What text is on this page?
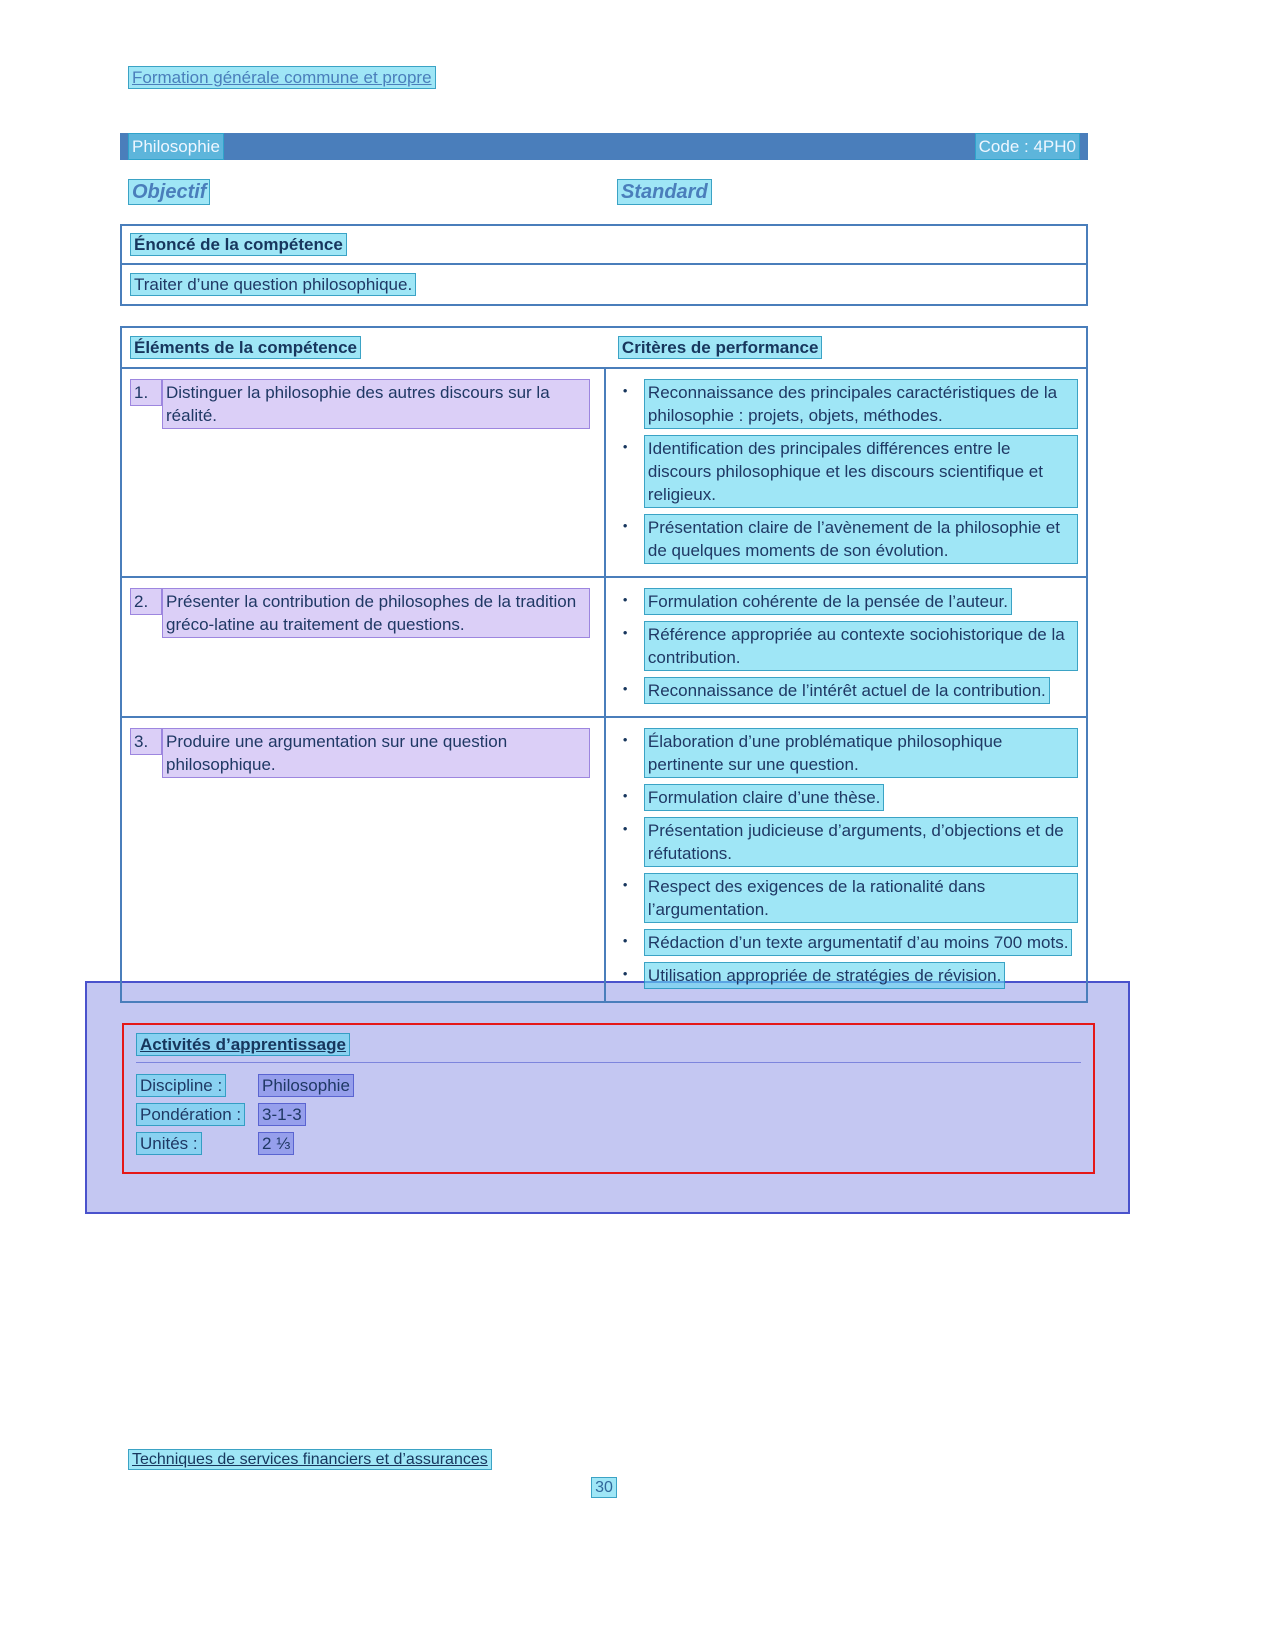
Formation générale commune et propre
Philosophie	Code : 4PH0
Objectif	Standard
Énoncé de la compétence
Traiter d’une question philosophique.
Éléments de la compétence	Critères de performance
1.	Distinguer la philosophie des autres discours sur la réalité.
•	Reconnaissance des principales caractéristiques de la philosophie : projets, objets, méthodes.
•	Identification des principales différences entre le discours philosophique et les discours scientifique et religieux.
•	Présentation claire de l’avènement de la philosophie et de quelques moments de son évolution.
2.	Présenter la contribution de philosophes de la tradition gréco-latine au traitement de questions.
•	Formulation cohérente de la pensée de l’auteur.
•	Référence appropriée au contexte sociohistorique de la contribution.
•	Reconnaissance de l’intérêt actuel de la contribution.
3.	Produire une argumentation sur une question philosophique.
•	Élaboration d’une problématique philosophique pertinente sur une question.
•	Formulation claire d’une thèse.
•	Présentation judicieuse d’arguments, d’objections et de réfutations.
•	Respect des exigences de la rationalité dans l’argumentation.
•	Rédaction d’un texte argumentatif d’au moins 700 mots.
•	Utilisation appropriée de stratégies de révision.
Activités d’apprentissage
Discipline : Philosophie
Pondération : 3-1-3
Unités :	2 ⅓
Techniques de services financiers et d’assurances
30
